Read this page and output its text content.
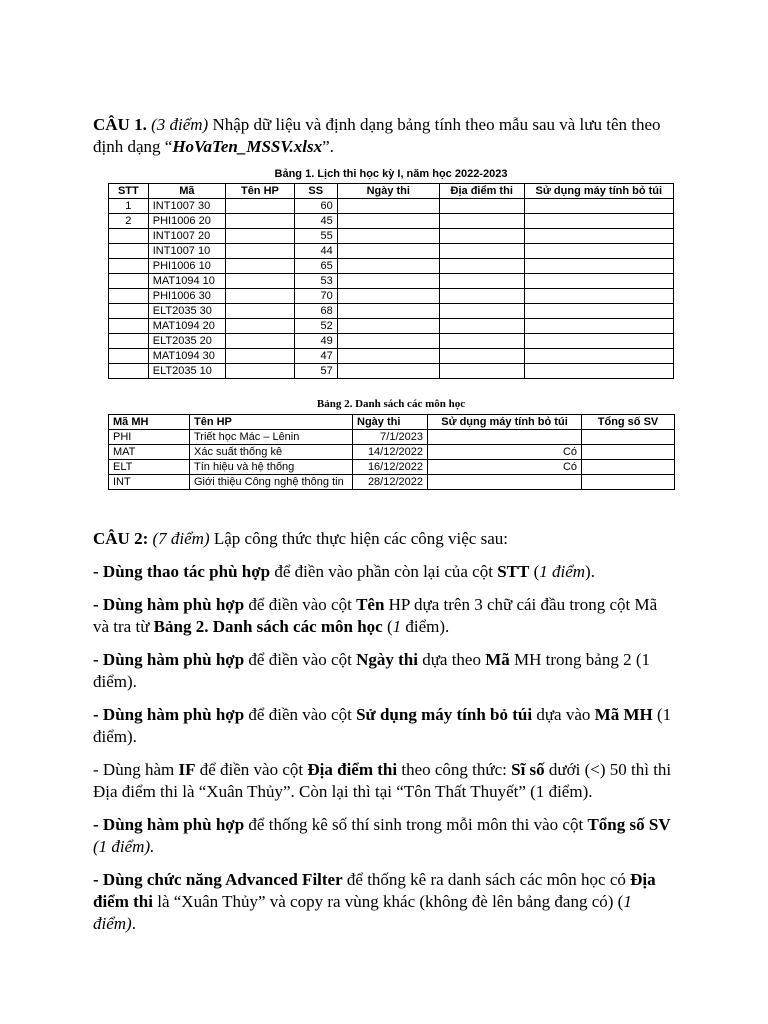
CÂU 1. (3 điểm) Nhập dữ liệu và định dạng bảng tính theo mẫu sau và lưu tên theo định dạng “HoVaTen_MSSV.xlsx”.
Bảng 1. Lịch thi học kỳ I, năm học 2022-2023
STT	Mã	Tên HP	SS	Ngày thi	Địa điểm thi	Sử dụng máy tính bỏ túi
1	INT1007 30		60			
2	PHI1006 20		45			
	INT1007 20		55			
	INT1007 10		44			
	PHI1006 10		65			
	MAT1094 10		53			
	PHI1006 30		70			
	ELT2035 30		68			
	MAT1094 20		52			
	ELT2035 20		49			
	MAT1094 30		47			
	ELT2035 10		57			
Bảng 2. Danh sách các môn học
Mã MH	Tên HP	Ngày thi	Sử dụng máy tính bỏ túi	Tổng số SV
PHI	Triết học Mác – Lênin	7/1/2023		
MAT	Xác suất thống kê	14/12/2022	Có	
ELT	Tín hiệu và hệ thống	16/12/2022	Có	
INT	Giới thiệu Công nghệ thông tin	28/12/2022		

CÂU 2: (7 điểm) Lập công thức thực hiện các công việc sau:

- Dùng thao tác phù hợp để điền vào phần còn lại của cột STT (1 điểm).

- Dùng hàm phù hợp để điền vào cột Tên HP dựa trên 3 chữ cái đầu trong cột Mã và tra từ Bảng 2. Danh sách các môn học (1 điểm).

- Dùng hàm phù hợp để điền vào cột Ngày thi dựa theo Mã MH trong bảng 2 (1 điểm).

- Dùng hàm phù hợp để điền vào cột Sử dụng máy tính bỏ túi dựa vào Mã MH (1 điểm).

- Dùng hàm IF để điền vào cột Địa điểm thi theo công thức: Sĩ số dưới (<) 50 thì thi Địa điểm thi là “Xuân Thủy”. Còn lại thì tại “Tôn Thất Thuyết” (1 điểm).

- Dùng hàm phù hợp để thống kê số thí sinh trong mỗi môn thi vào cột Tổng số SV (1 điểm).

- Dùng chức năng Advanced Filter để thống kê ra danh sách các môn học có Địa điểm thi là “Xuân Thủy” và copy ra vùng khác (không đè lên bảng đang có) (1 điểm).
